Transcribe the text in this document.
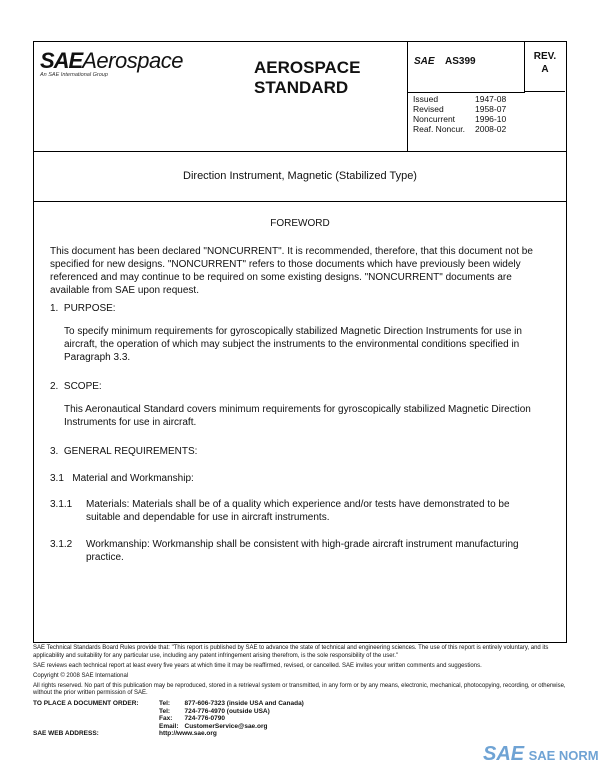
SAEAerospace
An SAE International Group	AEROSPACE
STANDARD
SAE AS399	REV.
A
Issued	1947-08
Revised	1958-07
Noncurrent	1996-10
Reaf. Noncur.	2008-02
Direction Instrument, Magnetic (Stabilized Type)
FOREWORD

This document has been declared "NONCURRENT". It is recommended, therefore, that this document not be specified for new designs. "NONCURRENT" refers to those documents which have previously been widely referenced and may continue to be required on some existing designs. "NONCURRENT" documents are available from SAE upon request.

1. PURPOSE:

To specify minimum requirements for gyroscopically stabilized Magnetic Direction Instruments for use in aircraft, the operation of which may subject the instruments to the environmental conditions specified in Paragraph 3.3.

2. SCOPE:

This Aeronautical Standard covers minimum requirements for gyroscopically stabilized Magnetic Direction Instruments for use in aircraft.

3. GENERAL REQUIREMENTS:
3.1 Material and Workmanship:
3.1.1 Materials: Materials shall be of a quality which experience and/or tests have demonstrated to be suitable and dependable for use in aircraft instruments.

3.1.2 Workmanship: Workmanship shall be consistent with high-grade aircraft instrument manufacturing practice.

SAE Technical Standards Board Rules provide that: "This report is published by SAE to advance the state of technical and engineering sciences. The use of this report is entirely voluntary, and its applicability and suitability for any particular use, including any patent infringement arising therefrom, is the sole responsibility of the user."

SAE reviews each technical report at least every five years at which time it may be reaffirmed, revised, or cancelled. SAE invites your written comments and suggestions.

Copyright © 2008 SAE International

All rights reserved. No part of this publication may be reproduced, stored in a retrieval system or transmitted, in any form or by any means, electronic, mechanical, photocopying, recording, or otherwise, without the prior written permission of SAE.

TO PLACE A DOCUMENT ORDER:	Tel:	877-606-7323 (inside USA and Canada)
	Tel:	724-776-4970 (outside USA)
	Fax:	724-776-0790
	Email:	CustomerService@sae.org
SAE WEB ADDRESS:	http://www.sae.org	
SAE SAE NORM
